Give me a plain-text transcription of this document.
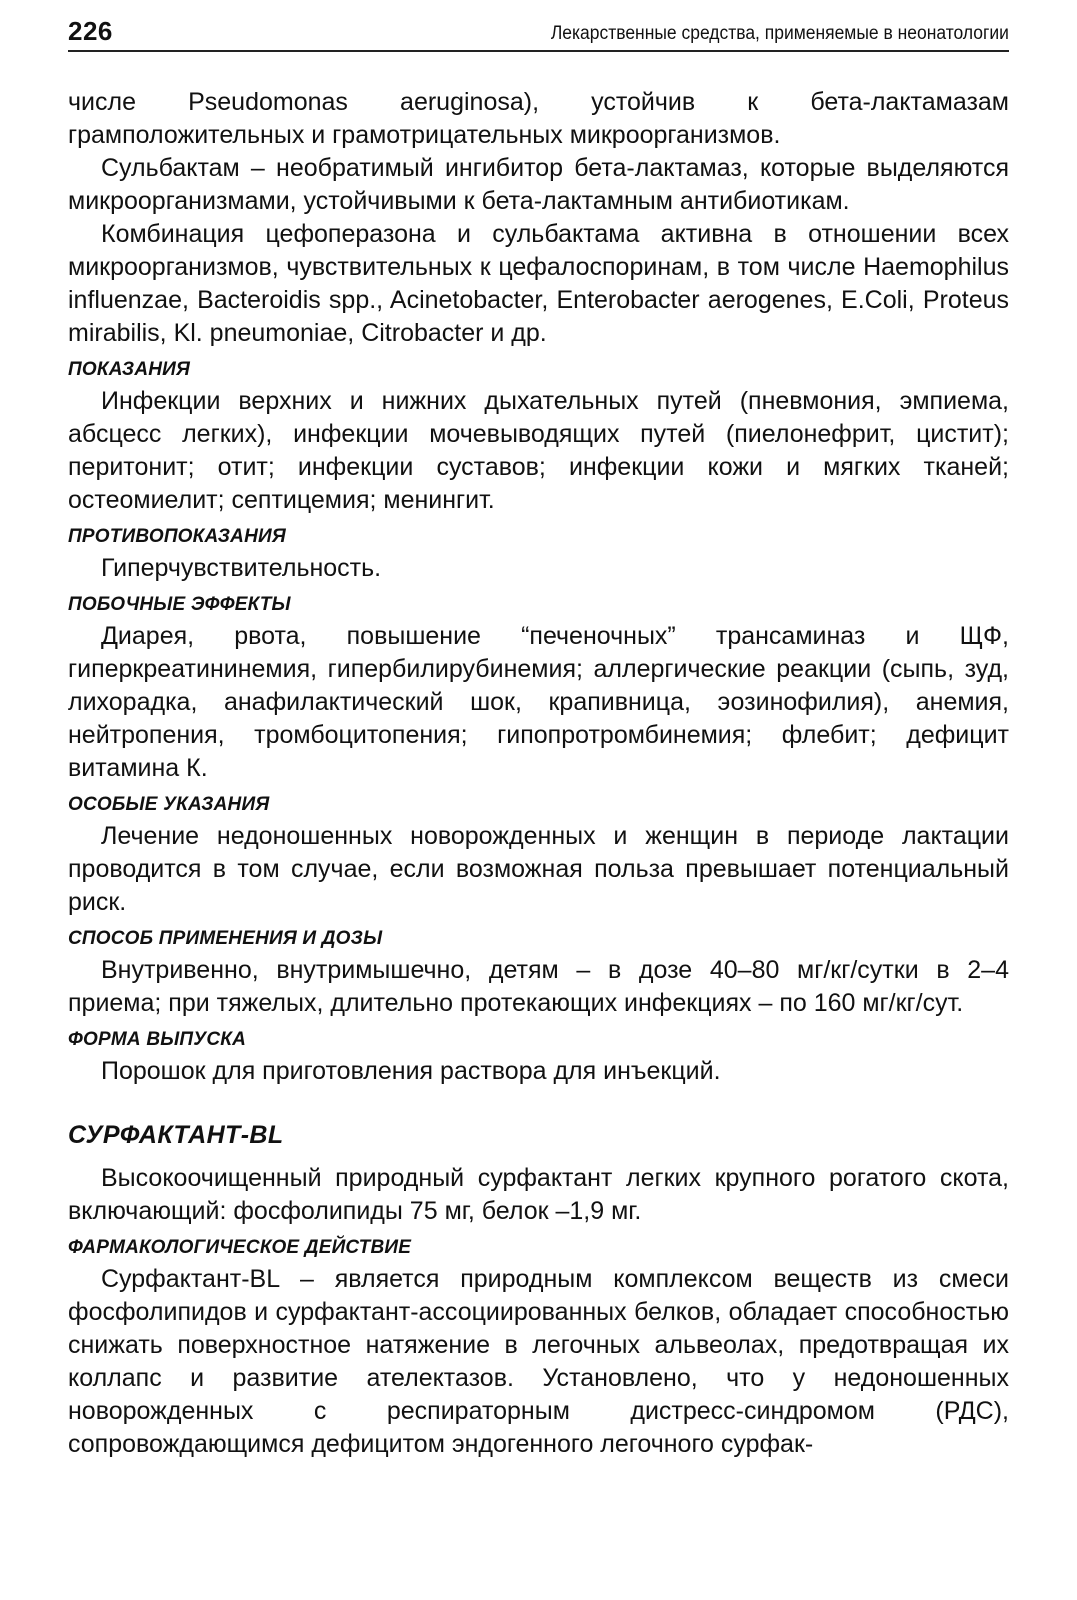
226	Лекарственные средства, применяемые в неонатологии

числе Pseudomonas aeruginosa), устойчив к бета-лактамазам грамположительных и грамотрицательных микроорганизмов.

Сульбактам – необратимый ингибитор бета-лактамаз, которые выделяются микроорганизмами, устойчивыми к бета-лактамным антибиотикам.

Комбинация цефоперазона и сульбактама активна в отношении всех микроорганизмов, чувствительных к цефалоспоринам, в том числе Haemophilus influenzae, Bacteroidis spp., Acinetobacter, Enterobacter aerogenes, E.Coli, Proteus mirabilis, Kl. pneumoniae, Citrobacter и др.

ПОКАЗАНИЯ

Инфекции верхних и нижних дыхательных путей (пневмония, эмпиема, абсцесс легких), инфекции мочевыводящих путей (пиелонефрит, цистит); перитонит; отит; инфекции суставов; инфекции кожи и мягких тканей; остеомиелит; септицемия; менингит.

ПРОТИВОПОКАЗАНИЯ

Гиперчувствительность.

ПОБОЧНЫЕ ЭФФЕКТЫ

Диарея, рвота, повышение “печеночных” трансаминаз и ЩФ, гиперкреатининемия, гипербилирубинемия; аллергические реакции (сыпь, зуд, лихорадка, анафилактический шок, крапивница, эозинофилия), анемия, нейтропения, тромбоцитопения; гипопротромбинемия; флебит; дефицит витамина К.

ОСОБЫЕ УКАЗАНИЯ

Лечение недоношенных новорожденных и женщин в периоде лактации проводится в том случае, если возможная польза превышает потенциальный риск.

СПОСОБ ПРИМЕНЕНИЯ И ДОЗЫ

Внутривенно, внутримышечно, детям – в дозе 40–80 мг/кг/сутки в 2–4 приема; при тяжелых, длительно протекающих инфекциях – по 160 мг/кг/сут.

ФОРМА ВЫПУСКА

Порошок для приготовления раствора для инъекций.

СУРФАКТАНТ-BL

Высокоочищенный природный сурфактант легких крупного рогатого скота, включающий: фосфолипиды 75 мг, белок –1,9 мг.

ФАРМАКОЛОГИЧЕСКОЕ ДЕЙСТВИЕ

Сурфактант-BL – является природным комплексом веществ из смеси фосфолипидов и сурфактант-ассоциированных белков, обладает способностью снижать поверхностное натяжение в легочных альвеолах, предотвращая их коллапс и развитие ателектазов. Установлено, что у недоношенных новорожденных с респираторным дистресс-синдромом (РДС), сопровождающимся дефицитом эндогенного легочного сурфак-
